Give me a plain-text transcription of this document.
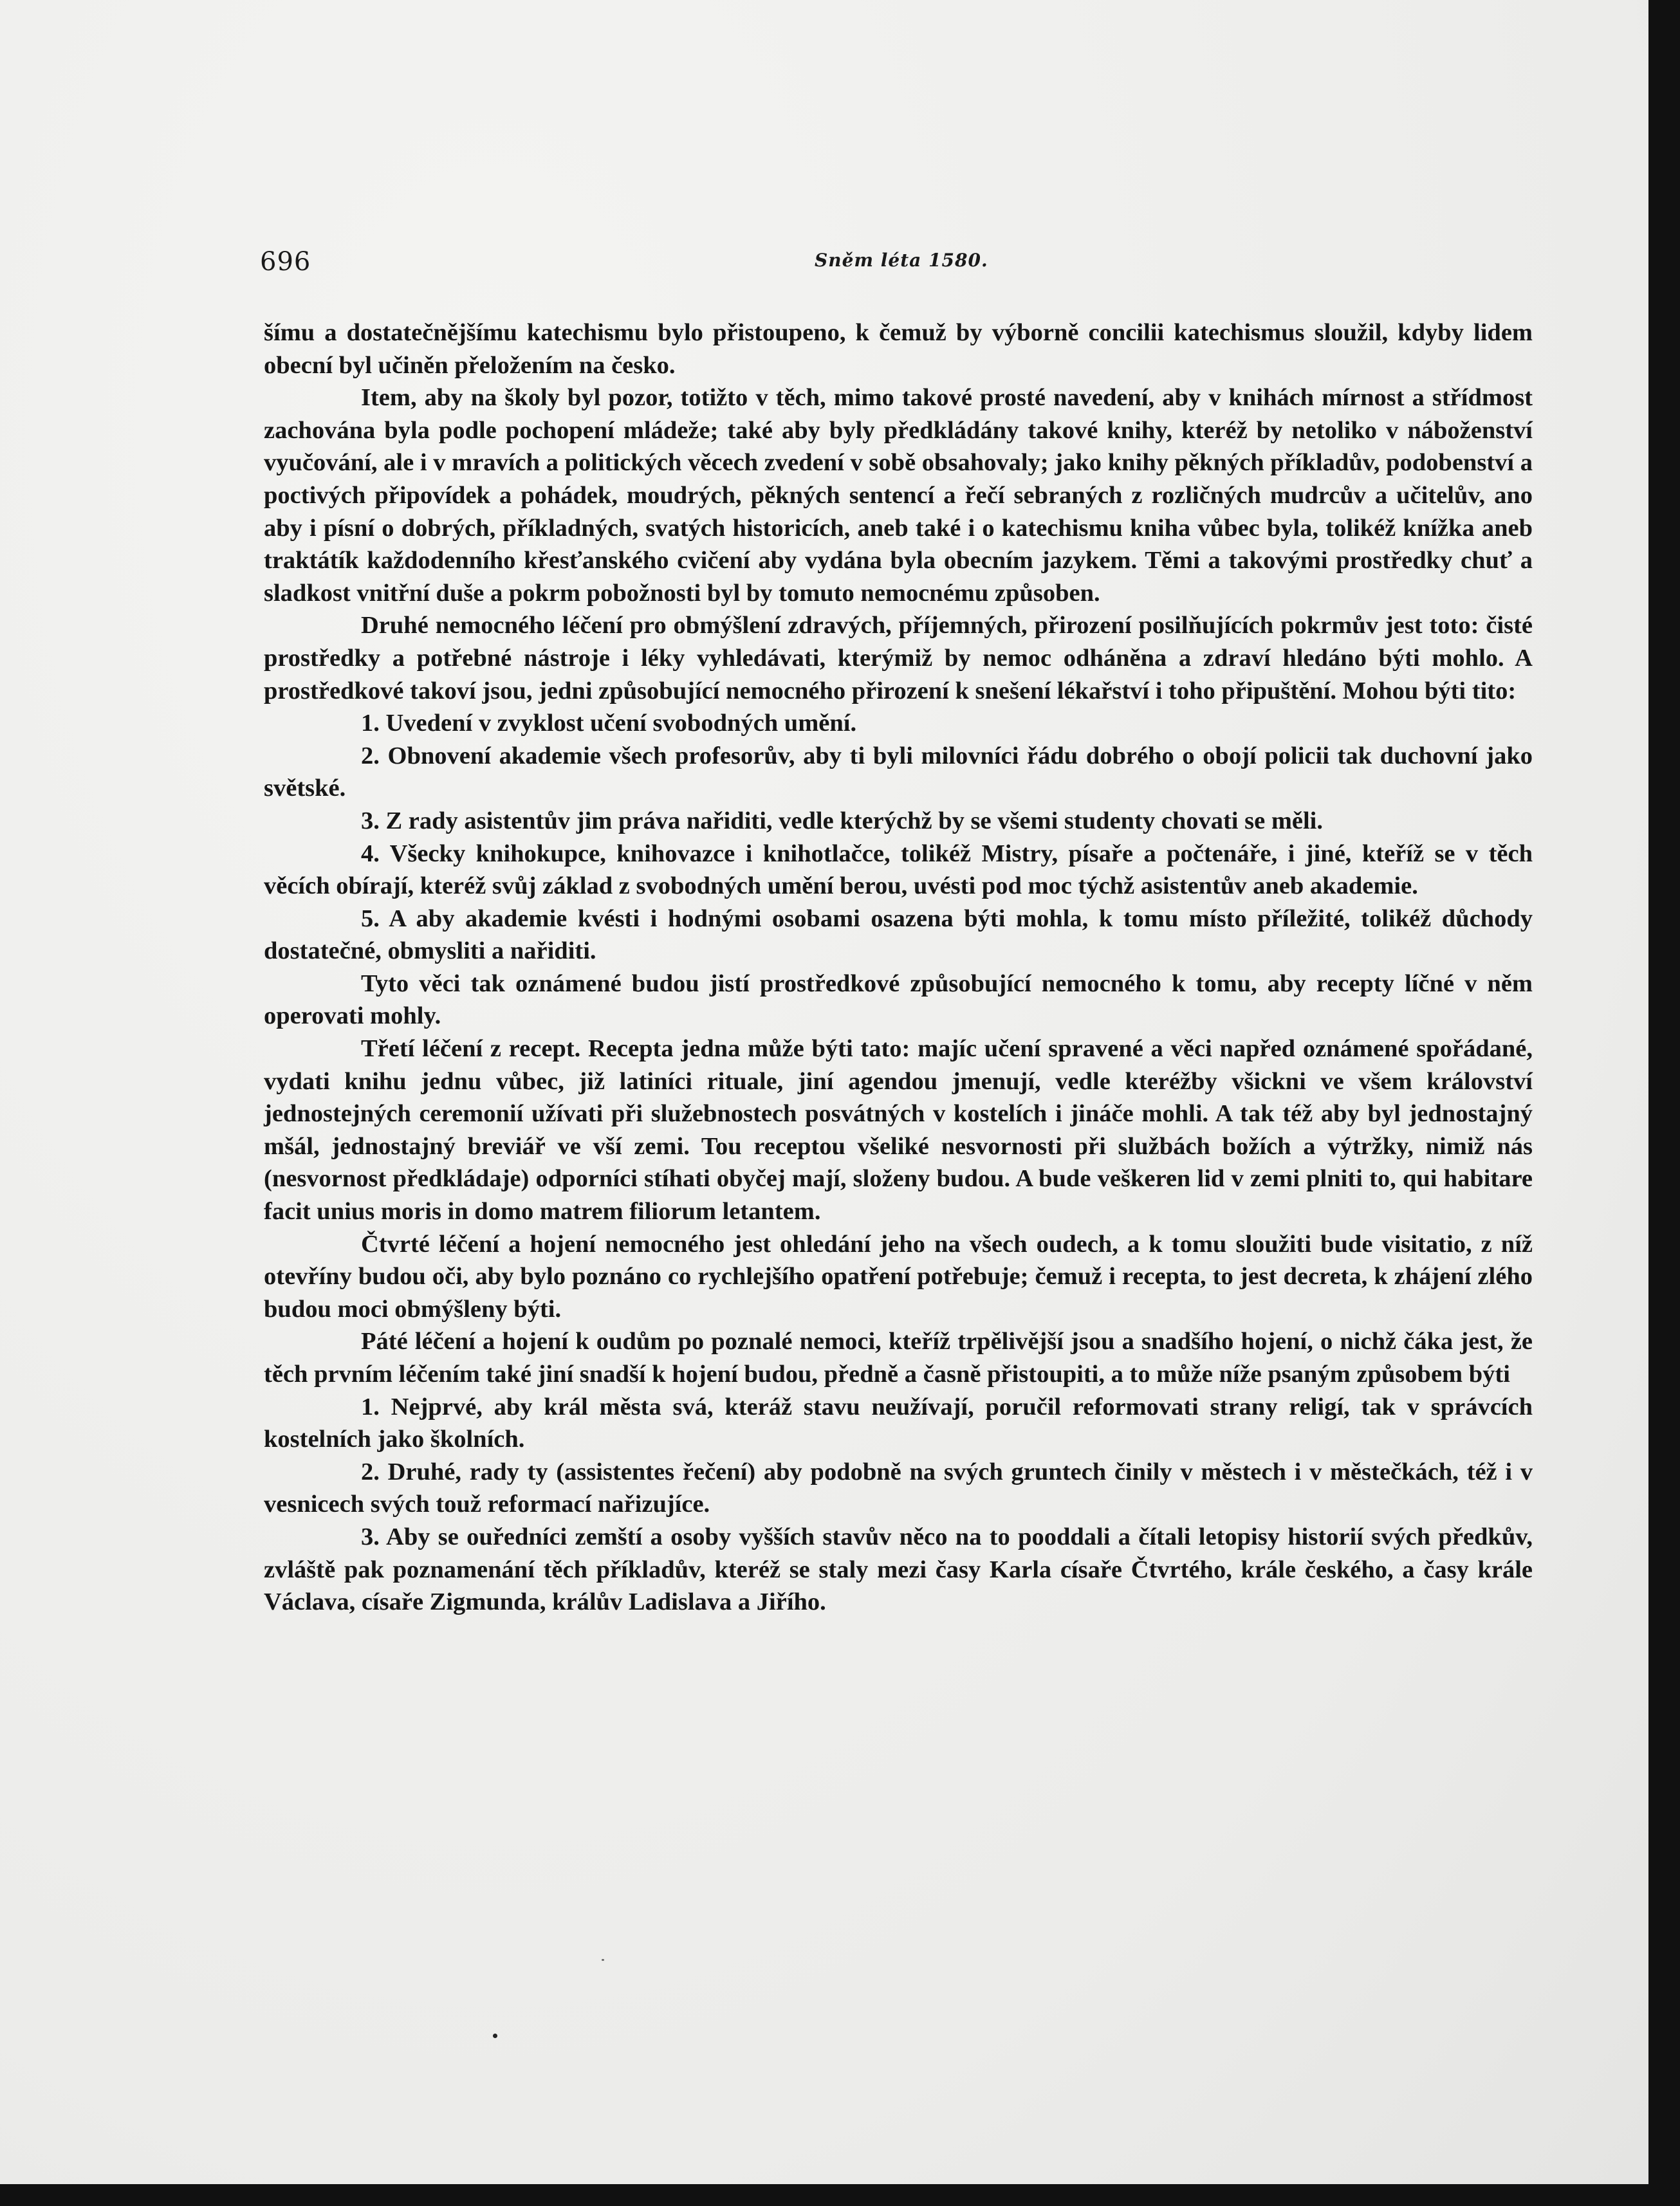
696	Sněm léta 1580.

šímu a dostatečnějšímu katechismu bylo přistoupeno, k čemuž by výborně concilii katechismus sloužil, kdyby lidem obecní byl učiněn přeložením na česko.

Item, aby na školy byl pozor, totižto v těch, mimo takové prosté navedení, aby v knihách mírnost a střídmost zachována byla podle pochopení mládeže; také aby byly předkládány takové knihy, kteréž by netoliko v náboženství vyučování, ale i v mravích a politických věcech zvedení v sobě obsahovaly; jako knihy pěkných příkladův, podobenství a poctivých připovídek a pohádek, moudrých, pěkných sentencí a řečí sebraných z rozličných mudrcův a učitelův, ano aby i písní o dobrých, příkladných, svatých historicích, aneb také i o katechismu kniha vůbec byla, tolikéž knížka aneb traktátík každodenního křesťanského cvičení aby vydána byla obecním jazykem. Těmi a takovými prostředky chuť a sladkost vnitřní duše a pokrm pobožnosti byl by tomuto nemocnému způsoben.

Druhé nemocného léčení pro obmýšlení zdravých, příjemných, přirození posilňujících pokrmův jest toto: čisté prostředky a potřebné nástroje i léky vyhledávati, kterýmiž by nemoc odháněna a zdraví hledáno býti mohlo. A prostředkové takoví jsou, jedni způsobující nemocného přirození k snešení lékařství i toho připuštění. Mohou býti tito:

1. Uvedení v zvyklost učení svobodných umění.

2. Obnovení akademie všech profesorův, aby ti byli milovníci řádu dobrého o obojí policii tak duchovní jako světské.

3. Z rady asistentův jim práva nařiditi, vedle kterýchž by se všemi studenty chovati se měli.

4. Všecky knihokupce, knihovazce i knihotlačce, tolikéž Mistry, písaře a počtenáře, i jiné, kteříž se v těch věcích obírají, kteréž svůj základ z svobodných umění berou, uvésti pod moc týchž asistentův aneb akademie.

5. A aby akademie kvésti i hodnými osobami osazena býti mohla, k tomu místo příležité, tolikéž důchody dostatečné, obmysliti a nařiditi.

Tyto věci tak oznámené budou jistí prostředkové způsobující nemocného k tomu, aby recepty líčné v něm operovati mohly.

Třetí léčení z recept. Recepta jedna může býti tato: majíc učení spravené a věci napřed oznámené spořádané, vydati knihu jednu vůbec, již latiníci rituale, jiní agendou jmenují, vedle kteréžby všickni ve všem království jednostejných ceremonií užívati při služebnostech posvátných v kostelích i jináče mohli. A tak též aby byl jednostajný mšál, jednostajný breviář ve vší zemi. Tou receptou všeliké nesvornosti při službách božích a výtržky, nimiž nás (nesvornost předkládaje) odporníci stíhati obyčej mají, složeny budou. A bude veškeren lid v zemi plniti to, qui habitare facit unius moris in domo matrem filiorum letantem.

Čtvrté léčení a hojení nemocného jest ohledání jeho na všech oudech, a k tomu sloužiti bude visitatio, z níž otevříny budou oči, aby bylo poznáno co rychlejšího opatření potřebuje; čemuž i recepta, to jest decreta, k zhájení zlého budou moci obmýšleny býti.

Páté léčení a hojení k oudům po poznalé nemoci, kteříž trpělivější jsou a snadšího hojení, o nichž čáka jest, že těch prvním léčením také jiní snadší k hojení budou, předně a časně přistoupiti, a to může níže psaným způsobem býti

1. Nejprvé, aby král města svá, kteráž stavu neužívají, poručil reformovati strany religí, tak v správcích kostelních jako školních.

2. Druhé, rady ty (assistentes řečení) aby podobně na svých gruntech činily v městech i v městečkách, též i v vesnicech svých touž reformací nařizujíce.

3. Aby se ouředníci zemští a osoby vyšších stavův něco na to pooddali a čítali letopisy historií svých předkův, zvláště pak poznamenání těch příkladův, kteréž se staly mezi časy Karla císaře Čtvrtého, krále českého, a časy krále Václava, císaře Zigmunda, králův Ladislava a Jiřího.
